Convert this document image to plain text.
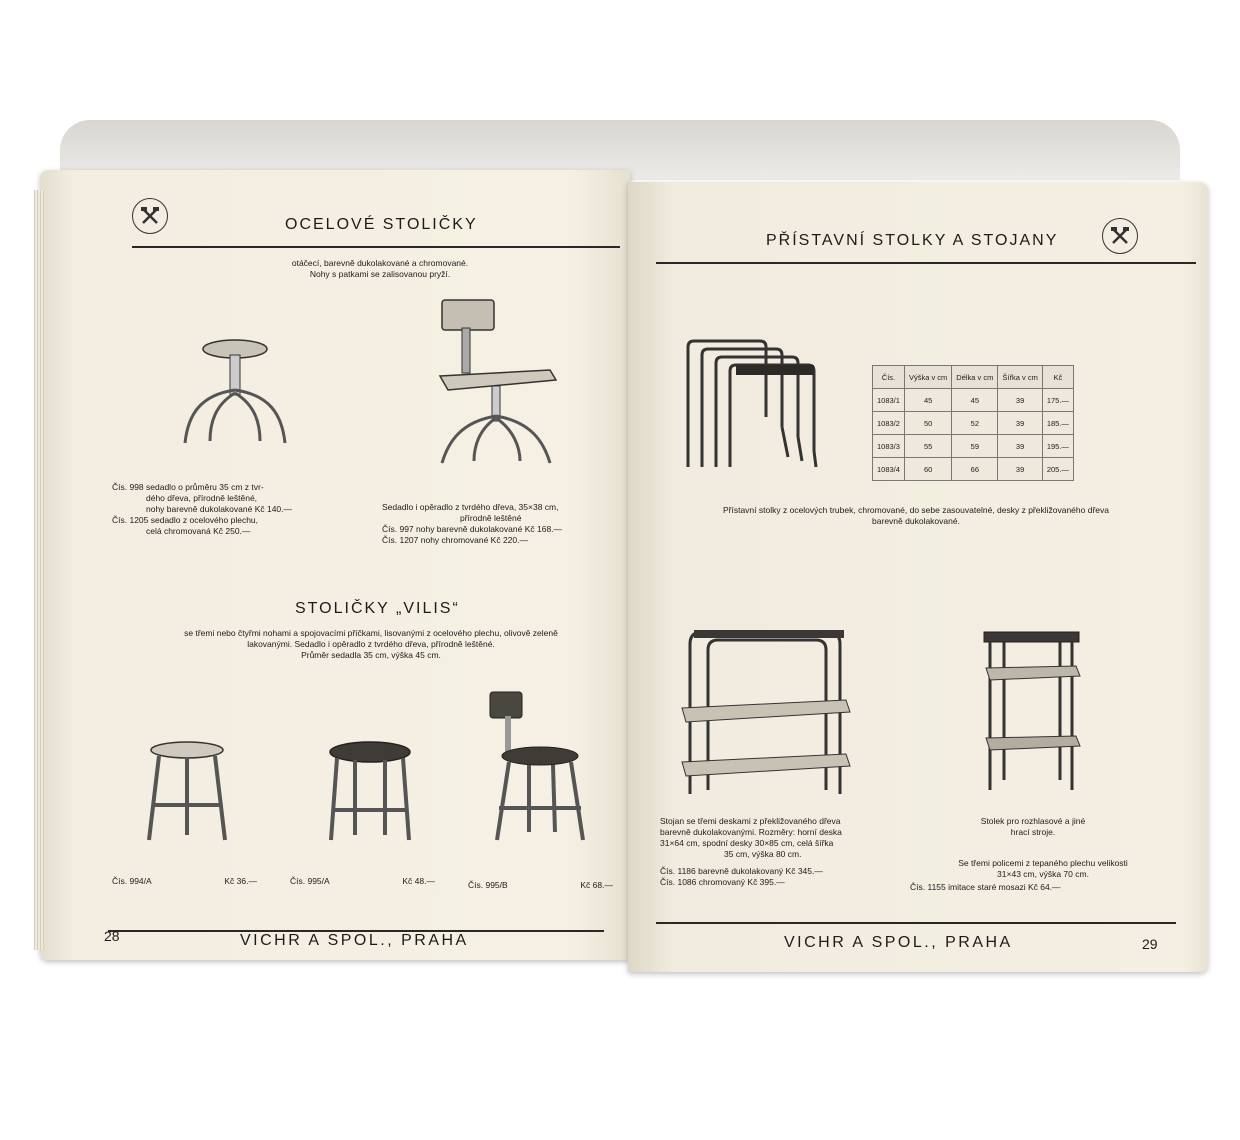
OCELOVÉ STOLIČKY
otáčecí, barevně dukolakované a chromované.
Nohy s patkami se zalisovanou pryží.
Čís. 998 sedadlo o průměru 35 cm z tvr-
dého dřeva, přírodně leštěné,
nohy barevně dukolakované Kč 140.—
Čís. 1205 sedadlo z ocelového plechu,
celá chromovaná Kč 250.—
Sedadlo i opěradlo z tvrdého dřeva, 35×38 cm,
přírodně leštěné
Čís. 997 nohy barevně dukolakované Kč 168.—
Čís. 1207 nohy chromované Kč 220.—
STOLIČKY „VILIS“
se třemi nebo čtyřmi nohami a spojovacími příčkami, lisovanými z ocelového plechu, olivově zeleně
lakovanými. Sedadlo i opěradlo z tvrdého dřeva, přírodně leštěné.
Průměr sedadla 35 cm, výška 45 cm.
Čís. 994/A	Kč 36.—	Čís. 995/A	Kč 48.—	Čís. 995/B	Kč 68.—
28	VICHR A SPOL., PRAHA
PŘÍSTAVNÍ STOLKY A STOJANY
Čís.	Výška v cm	Délka v cm	Šířka v cm	Kč
1083/1	45	45	39	175.—
1083/2	50	52	39	185.—
1083/3	55	59	39	195.—
1083/4	60	66	39	205.—
Přístavní stolky z ocelových trubek, chromované, do sebe zasouvatelné, desky z překližovaného dřeva
barevně dukolakované.
Stojan se třemi deskami z překližovaného dřeva
barevně dukolakovanými. Rozměry: horní deska
31×64 cm, spodní desky 30×85 cm, celá šířka
35 cm, výška 80 cm.
Čís. 1186 barevně dukolakovaný Kč 345.—
Čís. 1086 chromovaný Kč 395.—
Stolek pro rozhlasové a jiné
hrací stroje.
Se třemi policemi z tepaného plechu velikosti
31×43 cm, výška 70 cm.
Čís. 1155 imitace staré mosazi Kč 64.—
VICHR A SPOL., PRAHA	29
